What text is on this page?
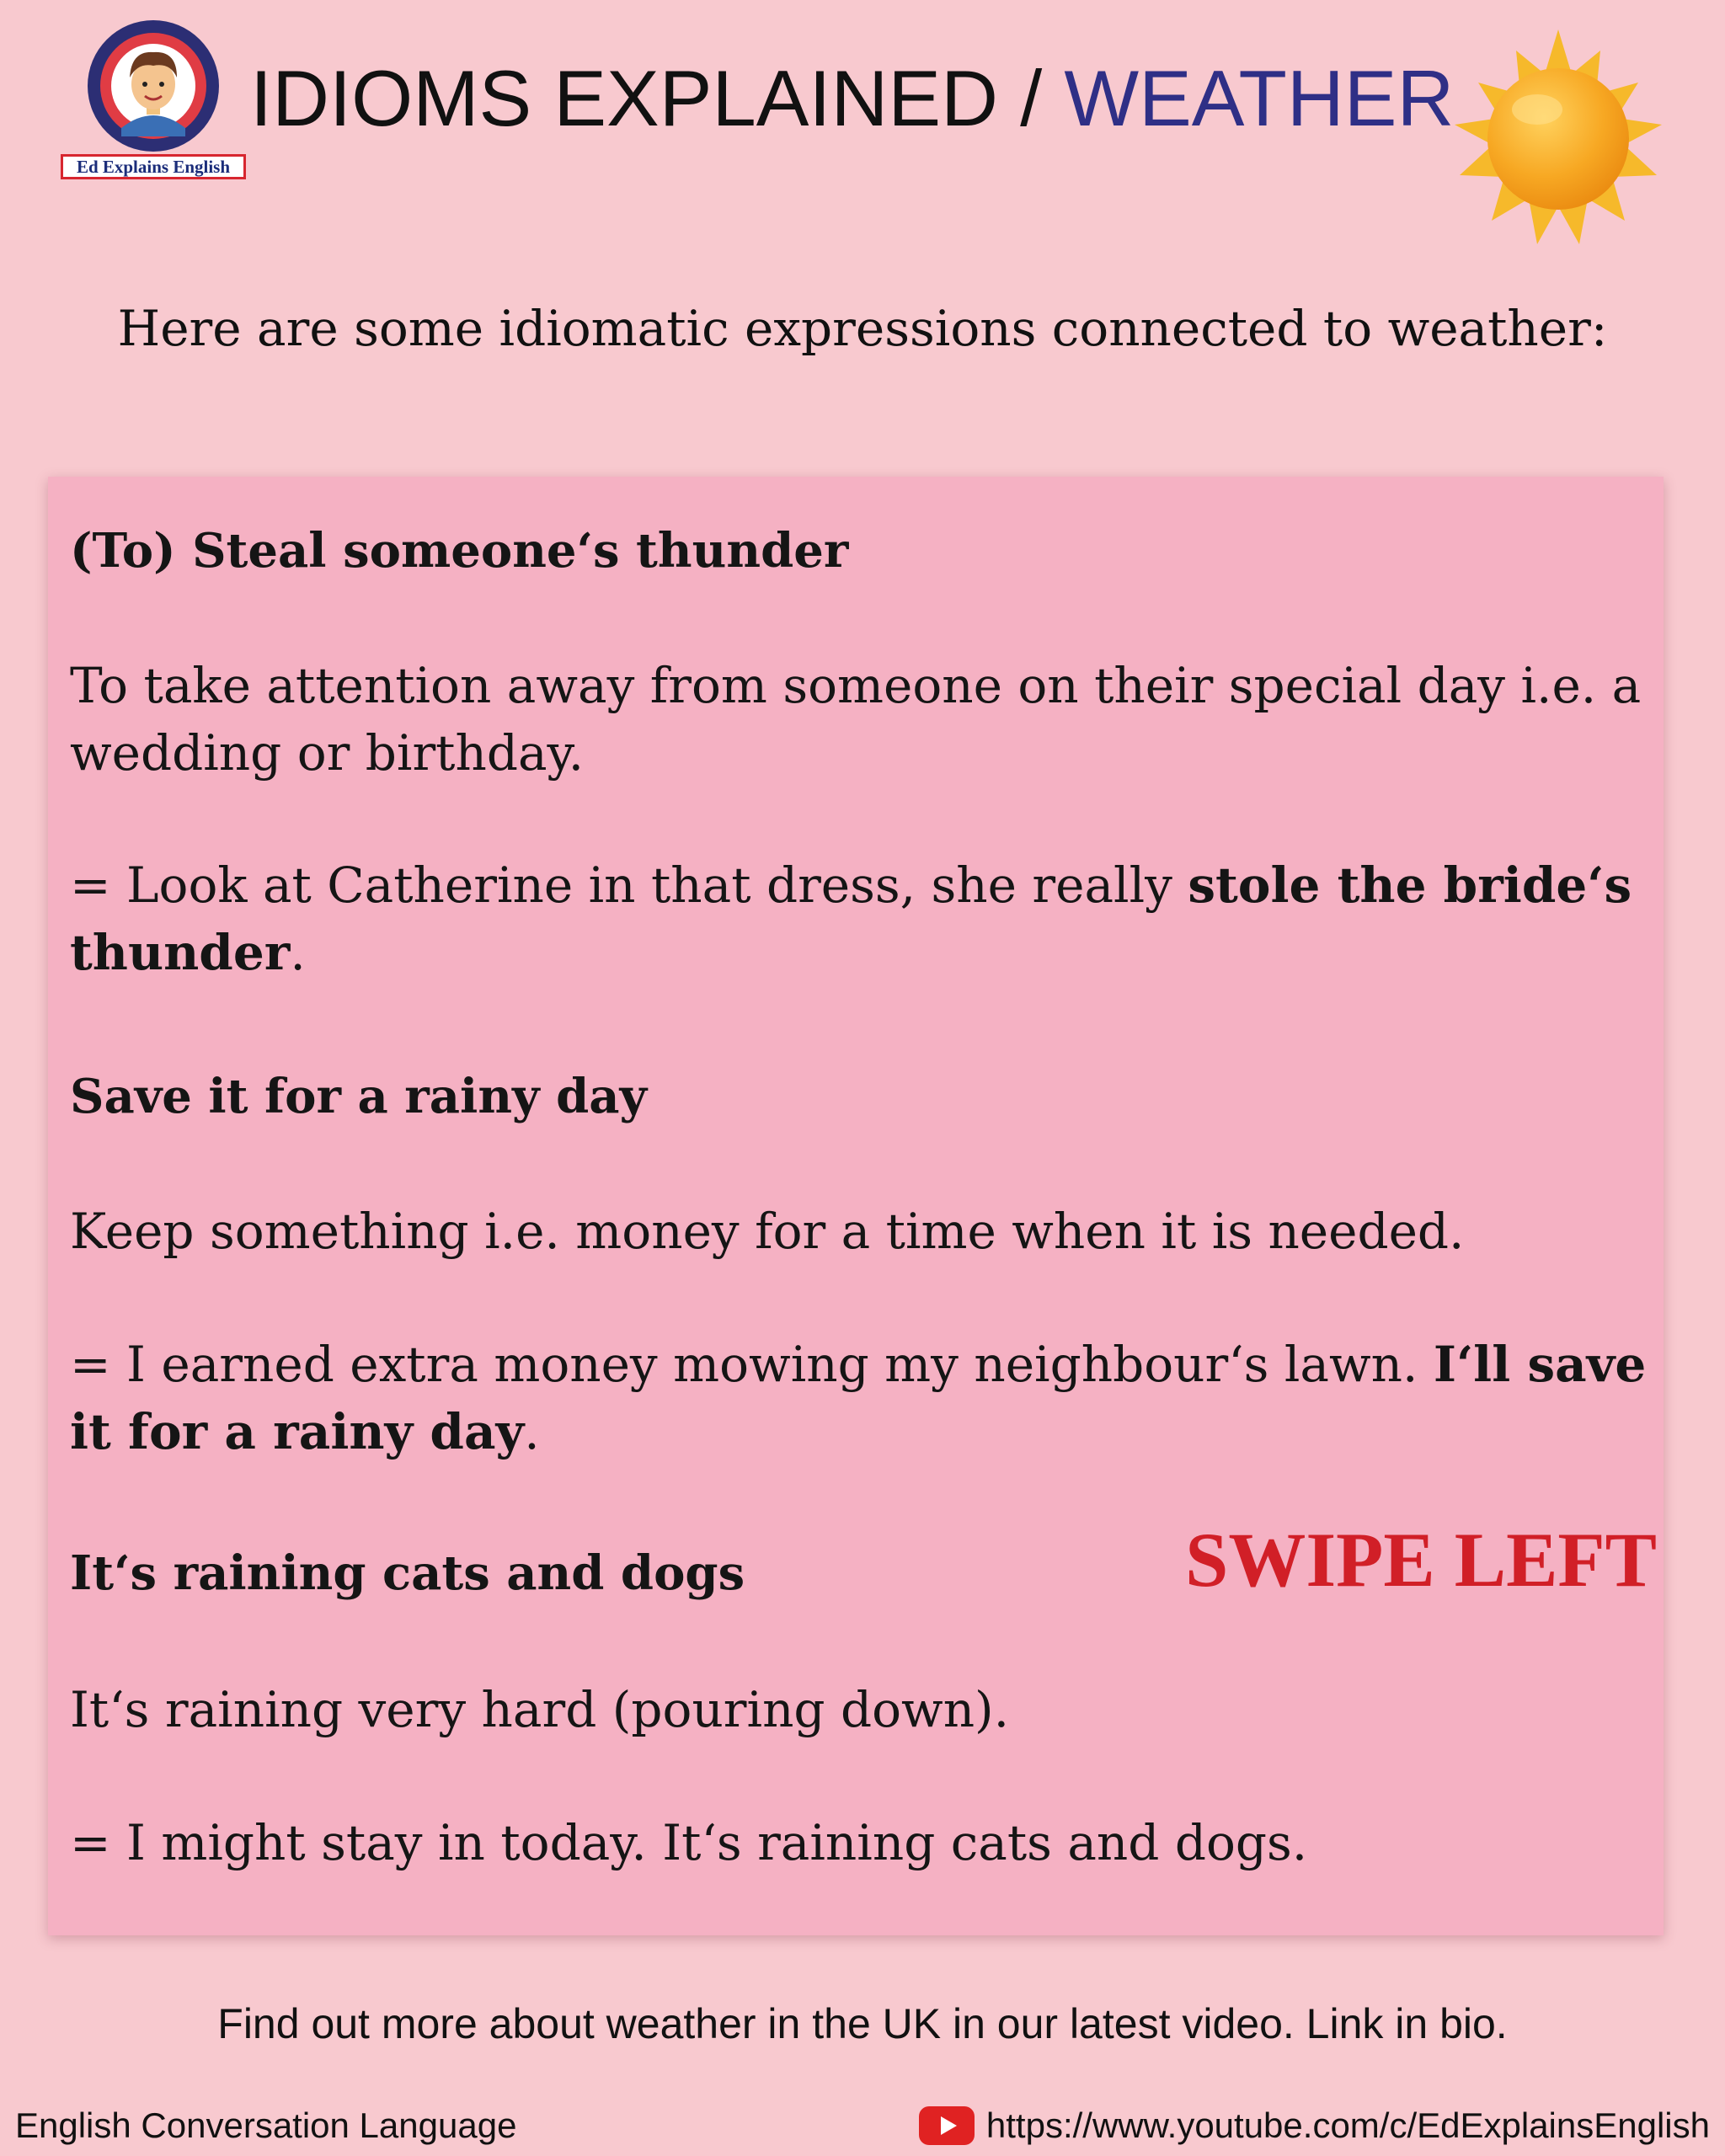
Ed Explains English
IDIOMS EXPLAINED / WEATHER
Here are some idiomatic expressions connected to weather:
(To) Steal someone‘s thunder
To take attention away from someone on their special day i.e. a
wedding or birthday.
= Look at Catherine in that dress, she really stole the bride‘s
thunder.
Save it for a rainy day
Keep something i.e. money for a time when it is needed.
= I earned extra money mowing my neighbour‘s lawn. I‘ll save
it for a rainy day.
It‘s raining cats and dogs
It‘s raining very hard (pouring down).
= I might stay in today. It‘s raining cats and dogs.
SWIPE LEFT
Find out more about weather in the UK in our latest video. Link in bio.
English Conversation Language	https://www.youtube.com/c/EdExplainsEnglish
